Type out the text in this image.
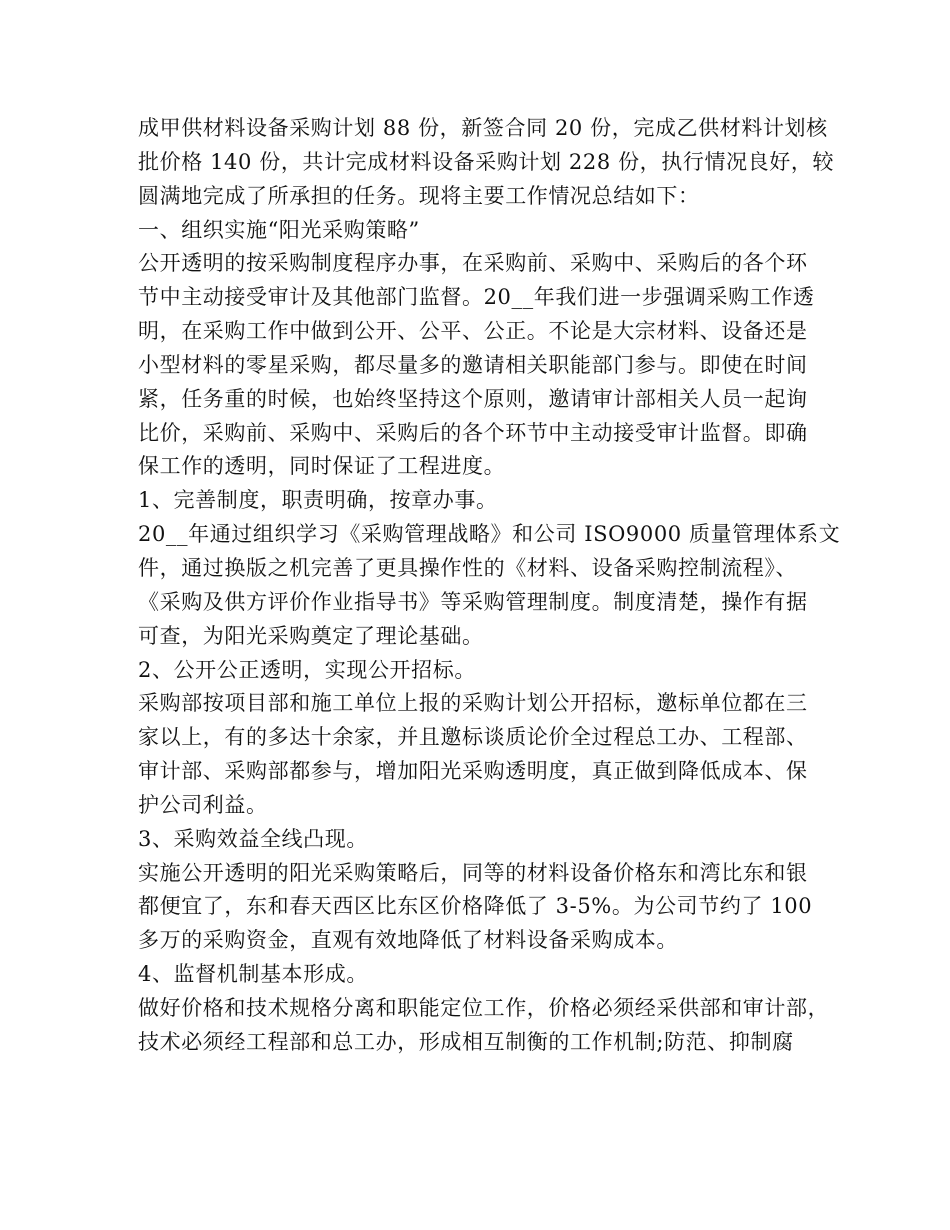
成甲供材料设备采购计划 88 份，新签合同 20 份，完成乙供材料计划核
批价格 140 份，共计完成材料设备采购计划 228 份，执行情况良好，较
圆满地完成了所承担的任务。现将主要工作情况总结如下：
一、组织实施“阳光采购策略”
公开透明的按采购制度程序办事，在采购前、采购中、采购后的各个环
节中主动接受审计及其他部门监督。20__年我们进一步强调采购工作透
明，在采购工作中做到公开、公平、公正。不论是大宗材料、设备还是
小型材料的零星采购，都尽量多的邀请相关职能部门参与。即使在时间
紧，任务重的时候，也始终坚持这个原则，邀请审计部相关人员一起询
比价，采购前、采购中、采购后的各个环节中主动接受审计监督。即确
保工作的透明，同时保证了工程进度。
1、完善制度，职责明确，按章办事。
20__年通过组织学习《采购管理战略》和公司 ISO9000 质量管理体系文
件，通过换版之机完善了更具操作性的《材料、设备采购控制流程》、
《采购及供方评价作业指导书》等采购管理制度。制度清楚，操作有据
可查，为阳光采购奠定了理论基础。
2、公开公正透明，实现公开招标。
采购部按项目部和施工单位上报的采购计划公开招标，邀标单位都在三
家以上，有的多达十余家，并且邀标谈质论价全过程总工办、工程部、
审计部、采购部都参与，增加阳光采购透明度，真正做到降低成本、保
护公司利益。
3、采购效益全线凸现。
实施公开透明的阳光采购策略后，同等的材料设备价格东和湾比东和银
都便宜了，东和春天西区比东区价格降低了 3-5%。为公司节约了 100
多万的采购资金，直观有效地降低了材料设备采购成本。
4、监督机制基本形成。
做好价格和技术规格分离和职能定位工作，价格必须经采供部和审计部，
技术必须经工程部和总工办，形成相互制衡的工作机制;防范、抑制腐
